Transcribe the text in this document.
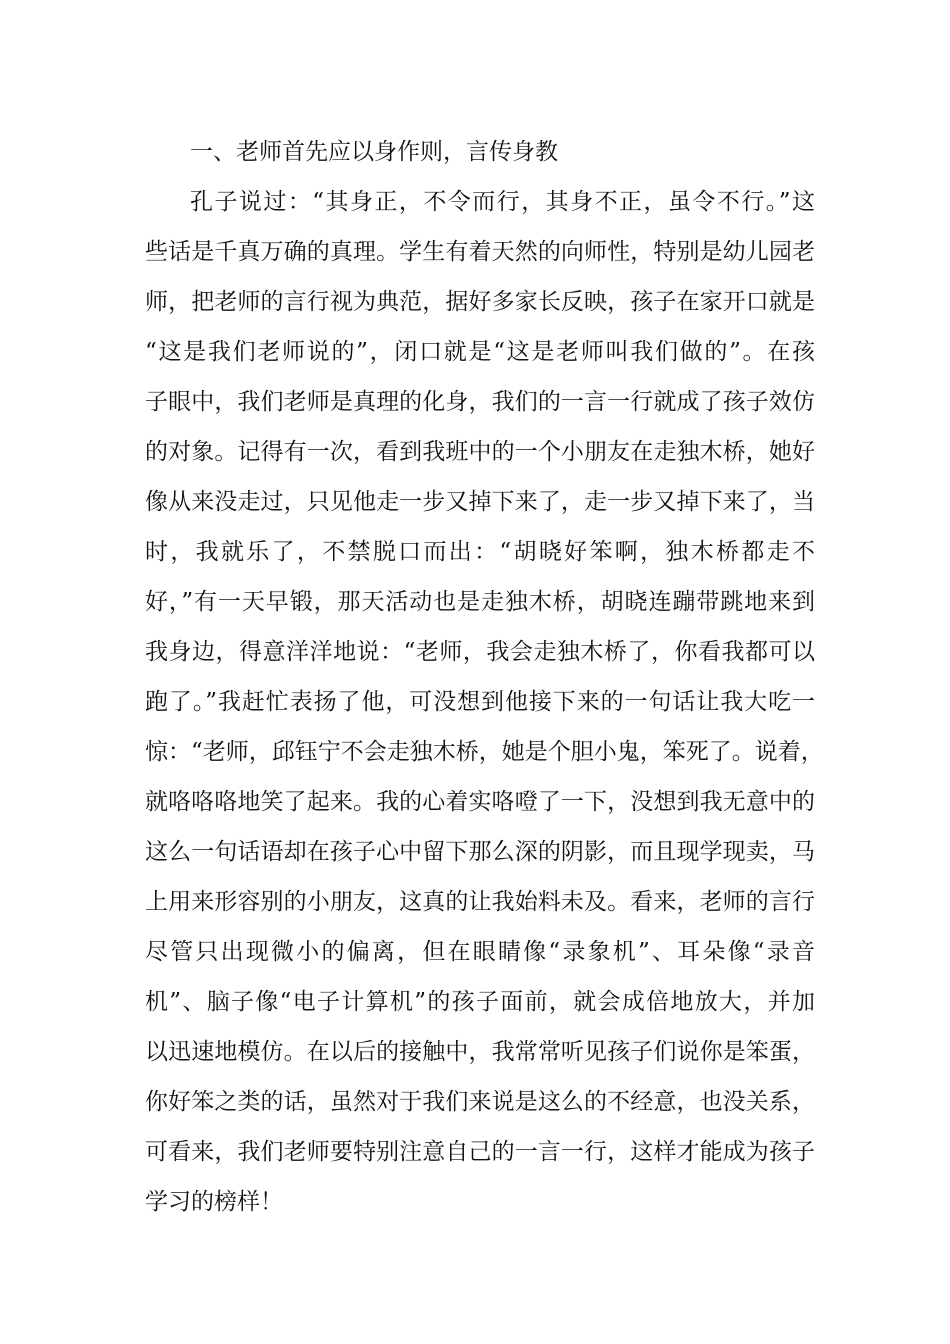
一、老师首先应以身作则，言传身教
孔子说过：“其身正，不令而行，其身不正，虽令不行。”这
些话是千真万确的真理。学生有着天然的向师性，特别是幼儿园老
师，把老师的言行视为典范，据好多家长反映，孩子在家开口就是
“这是我们老师说的”，闭口就是“这是老师叫我们做的”。在孩
子眼中，我们老师是真理的化身，我们的一言一行就成了孩子效仿
的对象。记得有一次，看到我班中的一个小朋友在走独木桥，她好
像从来没走过，只见他走一步又掉下来了，走一步又掉下来了，当
时，我就乐了，不禁脱口而出：“胡晓好笨啊，独木桥都走不
好，”有一天早锻，那天活动也是走独木桥，胡晓连蹦带跳地来到
我身边，得意洋洋地说：“老师，我会走独木桥了，你看我都可以
跑了。”我赶忙表扬了他，可没想到他接下来的一句话让我大吃一
惊：“老师，邱钰宁不会走独木桥，她是个胆小鬼，笨死了。说着，
就咯咯咯地笑了起来。我的心着实咯噔了一下，没想到我无意中的
这么一句话语却在孩子心中留下那么深的阴影，而且现学现卖，马
上用来形容别的小朋友，这真的让我始料未及。看来，老师的言行
尽管只出现微小的偏离，但在眼睛像“录象机”、耳朵像“录音
机”、脑子像“电子计算机”的孩子面前，就会成倍地放大，并加
以迅速地模仿。在以后的接触中，我常常听见孩子们说你是笨蛋，
你好笨之类的话，虽然对于我们来说是这么的不经意，也没关系，
可看来，我们老师要特别注意自己的一言一行，这样才能成为孩子
学习的榜样！
